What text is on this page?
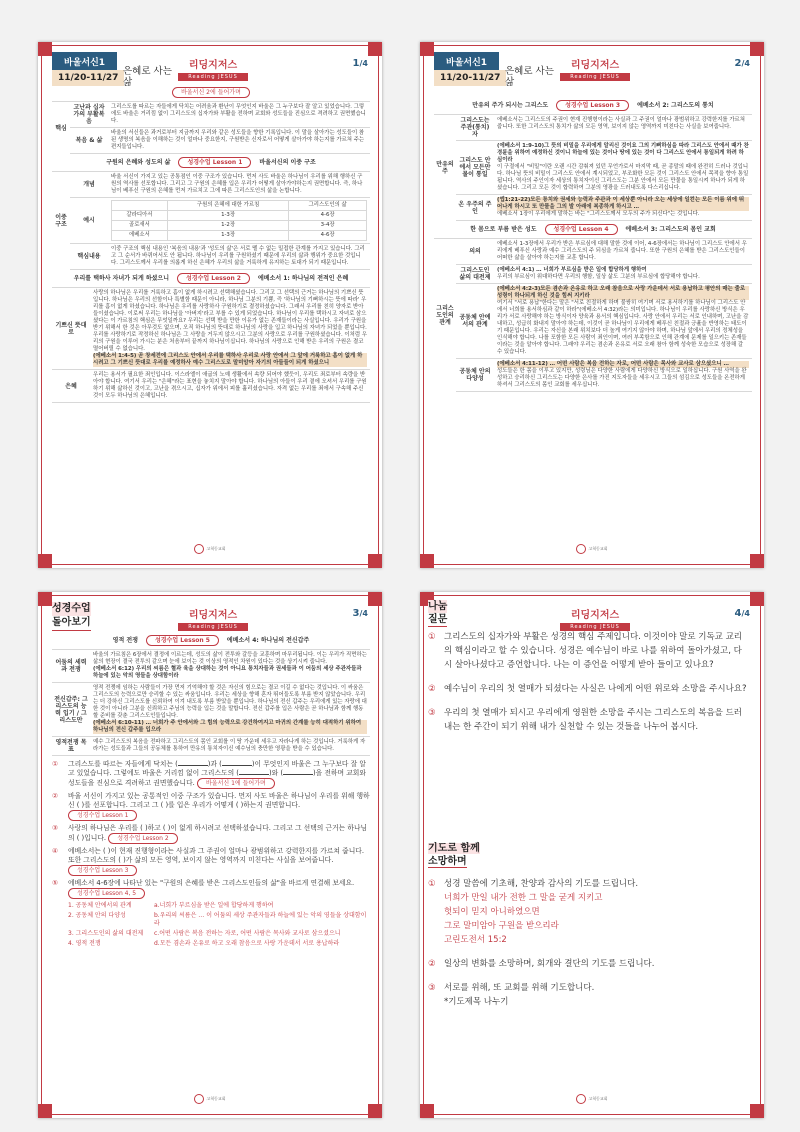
바울서신1
11/20-11/27
은혜로 사는
삶
리딩지저스
Reading JESUS
1/4
바울서신 2에 들어가며
핵심
고난과 십자가의 부활복음
그리스도를 따르는 자들에게 닥치는 어려움과 환난이 무엇인지 바울은 그 누구보다 잘 알고 있었습니다. 그렇에도 바울은 거리낌 없이 그리스도의 십자가와 부활을 전하며 교회와 성도들을 진심으로 격려하고 권면했습니다.
복음 & 삶
바울의 서신들은 과거로부터 지금까지 우리와 같은 성도들을 향한 기록입니다. 이 말을 살아가는 성도들이 참된 생명의 복음을 이해하는 것이 얼마나 중요한지, 구원받은 신자로서 어떻게 살아가야 하는지를 가르쳐 주는 편지들입니다.
구원의 은혜와 성도의 삶	성경수업 Lesson 1	바울서신의 이중 구조
이중구조
개념
바울 서신이 가지고 있는 공통점인 이중 구조가 있습니다. 먼저 사도 바울은 하나님이 우리를 위해 행하신 구원의 역사를 선포합니다. 그리고 그 구원의 은혜를 입은 우리가 어떻게 살아가야하는지 권면합니다. 즉, 하나님이 베푸신 구원의 은혜를 먼저 가르치고 그에 따른 그리스도인의 삶을 논합니다.
예시
	구원의 은혜에 대한 가르침	그리스도인의 삶
갈라디아서	1-3장	4-6장
골로새서	1-2장	3-4장
에베소서	1-3장	4-6장
핵심내용
이중 구조의 핵심 내용인 '복음의 내용'과 '성도의 삶'은 서로 뗄 수 없는 밀접한 관계를 가지고 있습니다. 그리고 그 순서가 바뀌어서도 안 됩니다. 하나님이 우리를 구원하셨기 때문에 우리의 삶과 행위가 중요한 것입니다. 그리스도께서 우리를 의롭게 하신 은혜가 우리의 삶을 거룩하게 유지하는 토대가 되기 때문입니다.
우리를 택하사 자녀가 되게 하셨으니	성경수업 Lesson 2	에베소서 1: 하나님의 전적인 은혜
기쁘신 뜻대로
사랑의 하나님은 우리를 거룩하고 흠이 없게 하시려고 선택해셨습니다. 그리고 그 선택의 근거는 하나님의 기쁘신 뜻입니다. 하나님은 우리의 선함이나 특별함 때문이 아니라, 하나님 그분의 기쁨, 즉 '하나님의 기뻐하시는 뜻에 따라' 우리를 흠이 없게 하셨습니다. 하나님은 우리를 사랑하사 구원하기로 결정하셨습니다. 그래서 우리를 친히 양자로 받아들이셨습니다. 이로써 우리는 하나님을 '아버지'라고 부를 수 있게 되었습니다. 하나님이 우리를 택하시고 자녀로 삼으셨다는 이 가르침의 핵심은 무엇일까요? 우리는 선택 받을 만한 이유가 없는 존재들이라는 사실입니다. 우리가 구원을 받기 위해서 한 것은 아무것도 없으며, 오직 하나님의 뜻대로 하나님의 사랑을 입고 하나님의 자녀가 되었을 뿐입니다. 우리를 사랑하기로 작정하신 하나님은 그 사랑을 거두지 않으시고 그분의 사랑으로 우리를 구원하셨습니다. 이처럼 우리의 구원을 이루어 가시는 분은 처음부터 끝까지 하나님이십니다. 하나님의 사랑으로 인해 받은 우리의 구원은 결코 멸어버릴 수 없습니다.
(에베소서 1:4-5) 곧 창세전에 그리스도 안에서 우리를 택하사 우리로 사랑 안에서 그 앞에 거룩하고 흠이 없게 하시려고 그 기쁘신 뜻대로 우리를 예정하사 예수 그리스도로 말미암아 자기의 아들들이 되게 하셨으니
은혜
우리는 용서가 필요한 죄인입니다. 이스라엘이 애굽의 노예 생활에서 속량 되어야 했듯이, 우리도 죄로부터 속량을 받아야 합니다. 여기서 우리는 "은혜"라는 표현을 놓치지 말아야 합니다. 하나님의 아들이 우리 곁에 오셔서 우리를 구원하기 위해 삶하신 것이고, 고난을 겪으시고, 십자가 위에서 피를 흘리셨습니다. 자격 없는 우리를 죄에서 구속해 주신 것이 모두 하나님의 은혜입니다.
고척동교회
바울서신1
11/20-11/27
은혜로 사는
삶
리딩지저스
Reading JESUS
2/4
만유의 주가 되시는 그리스도	성경수업 Lesson 3	에베소서 2: 그리스도의 통치
만유의 주
그리스도는 주관(통치)자
에베소서는 그리스도의 주권이 현재 진행형이라는 사실과 그 주권이 얼마나 광범위하고 강력한지를 가르쳐 줍니다. 또한 그리스도의 통치가 삶의 모든 영역, 보이지 않는 영역까지 미친다는 사실을 보여줍니다.
그리스도 안에서 모든만물이 통일
(에베소서 1:9-10)그 뜻의 비밀을 우리에게 알리신 것이요 그의 기뻐하심을 따라 그리스도 안에서 때가 찬 경륜을 위하여 예정하신 것이니 하늘에 있는 것이나 땅에 있는 것이 다 그리스도 안에서 통일되게 하려 하심이라
이 구절에서 "비밀"이란 오랜 시간 감춰져 있던 무언가로서 마지막 때, 곧 종말의 때에 완전히 드러나 것입니다. 하나님 뜻의 비밀이 그리스도 안에서 계시되었고, 부조화한 모든 것이 그리스도 안에서 목적을 향아 통일 됩니다. 역사의 주인이자 세상의 통치자이신 그리스도는 그분 안에서 모든 만물을 통일시켜 하나가 되게 하셨습니다. 그리고 모든 것이 합력하여 그분의 영광을 드러내도록 다스리십니다.
온 우주의 주인
(엡1:21-22)모든 통치와 권세와 능력과 주관과 이 세상뿐 아니라 오는 세상에 일컫는 모든 이름 위에 뛰어나게 하시고 또 만물을 그의 발 아래에 복종하게 하시고 …
에베소서 1장이 우리에게 말하는 바는 "그리스도께서 모두의 주가 되신다"는 것입니다.
한 몸으로 부름 받은 성도	성경수업 Lesson 4	에베소서 3: 그리스도의 몸인 교회
그리스도인의 관계
의의
에베소서 1-3장에서 우리가 받은 부르심에 대해 말한 것에 이어, 4-6장에서는 하나님이 그리스도 안에서 우리에게 베푸신 사랑과 예수 그리스도의 주 되심을 가르쳐 줍니다. 또한 구원의 은혜를 받은 그리스도인들이 어떠한 삶을 살아야 하는지를 교훈 합니다.
그리스도인 삶의 대전제
(에베소서 4:1) … 너희가 부르심을 받은 일에 합당하게 행하여
우리의 부르심이 위대하다면 우리의 행함, 일상 삶도 그분의 부르심에 합당해야 합니다.
공동체 안에서의 관계
(에베소서 4:2-3)모든 겸손과 온유로 하고 오래 참음으로 사랑 가운데서 서로 용납하고 평안의 매는 줄로 성령이 하나되게 하신 것을 힘써 지키라
여기서 "서로 용납"한다는 말은 "서로 친절하게 하며 불쌍히 여기며 서로 용서하기를 하나님이 그리스도 안에서 너희를 용서하심과 같이 하라"(에베소서 4:32)라는 의미입니다. 하나님이 우리를 사랑하신 방식은 우리가 서로 사랑해야 하는 방식이자 양육과 용서의 핵심입니다. 사랑 안에서 우리는 서로 인내하며, 고난을 감내하고, 성급히 화내지 말아야 하는데, 이것이 곧 하나님이 우리에게 베푸신 친절과 긍휼을 반영하는 태도이기 때문입니다. 우리는 자신을 본래 위치보다 더 높게 여기지 않아야 하며, 하나님 앞에서 우리의 정체성을 인식해야 합니다. 나를 포함한 모든 사람이 죄인이며, 여러 부족함으로 인해 관계에 문제를 일으키는 존재들이라는 것을 알아야 합니다. 그래야 우리는 겸손과 온유로 서로 오래 참아 함께 성숙한 모습으로 성장해 갈 수 있습니다.
공동체 안의 다양성
(에베소서 4:11-12) … 어떤 사람은 복음 전하는 자로, 어떤 사람은 목사와 교사로 삼으셨으니 …
성도들은 한 몸을 이루고 있지만, 성령님은 다양한 사람에게 다양하신 방식으로 일하십니다. 구원 사역을 완성하고 승리하신 그리스도는 다양한 은사를 가진 지도자들을 세우시고 그들의 섬김으로 성도들을 온전하게 하셔서 그리스도의 몸인 교회를 세우십니다.
고척동교회
성경수업
돌아보기
리딩지저스
Reading JESUS
3/4
영적 전쟁	성경수업 Lesson 5	에베소서 4: 하나님의 전신갑주
어둠의 세력과 전쟁
바울의 가르침은 6장에서 결정에 이르는데, 성도의 삶이 전투와 갈등을 교훈하며 마무리됩니다. 이는 우리가 직면하는 삶의 현장이 결국 전투의 같으며 눈에 보이는 것 이상의 영적인 차원이 있다는 것을 상기시켜 줍니다.
(에베소서 6:12) 우리의 씨름은 혈과 육을 상대하는 것이 아니요 통치자들과 권세들과 이 어둠의 세상 주관자들과 하늘에 있는 악의 영들을 상대함이라
전신갑주: 그리스도의 능력 입기 / 그리스도만
영적 전쟁에 임하는 사람들이 가장 먼저 기억해야 할 것은 자신의 힘으로는 결코 이길 수 없다는 것입니다. 이 싸움은 그리스도의 능력으로만 승리할 수 있는 싸움입니다. 우리는 세상을 향해 혼자 뛰어들도록 부름 받지 않았습니다. 우리는 더 강하신 그리스도를 신뢰하여 이겨 내도록 부름 받았을 뿐입니다. 하나님의 전신 갑주는 우리에게 있는 자랑에 대한 것이 아니라 그분을 신뢰하고 주님의 능력을 입는 것을 말합니다. 전신 갑주를 입은 사람은 곧 하나님과 함께 행동할 준비를 갖춘 그리스도인들입니다.
(에베소서 6:10-11) … 너희가 주 안에서와 그 힘의 능력으로 강건하여지고 마귀의 간계를 능히 대적하기 위하여 하나님의 전신 갑주를 입으라
영적전쟁 목표
예수 그리스도의 복음을 전파하고 그리스도의 몸인 교회를 이 땅 가운데 세우고 자라나게 하는 것입니다. 거룩하게 자라가는 성도들과 그들의 공동체를 통하여 만유의 통치자이신 예수님의 충만한 영광을 받을 수 있습니다.
①	그리스도를 따르는 자들에게 닥치는 (	)과 (	)이 무엇인지 바울은 그 누구보다 잘 알고 있었습니다. 그렇에도 바울은 거리낌 없이 그리스도의 (	)와 (	)을 전하며 교회와 성도들을 진심으로 격려하고 권면했습니다. 바울서신 1에 들어가며
②	바울 서신이 가지고 있는 공통적인 이중 구조가 있습니다. 먼저 사도 바울은 하나님이 우리를 위해 행하신 ( )를 선포합니다. 그리고 그 ( )를 입은 우리가 어떻게 ( )하는지 권면합니다. 성경수업 Lesson 1
③	사랑의 하나님은 우리를 ( )하고 ( )이 없게 하시려고 선택하셨습니다. 그리고 그 선택의 근거는 하나님의 ( )입니다. 성경수업 Lesson 2
④	에베소서는 ( )이 현재 진행형이라는 사실과 그 주권이 얼마나 광범위하고 강력한지를 가르쳐 줍니다. 또한 그리스도의 ( )가 삶의 모든 영역, 보이지 않는 영역까지 미친다는 사실을 보여줍니다. 성경수업 Lesson 3
⑤	에베소서 4-6장에 나타난 있는 "구원의 은혜를 받은 그리스도인들의 삶"을 바르게 연결해 보세요. 성경수업 Lesson 4, 5
1. 공동체 안에서의 관계	a.너희가 부르심을 받은 일에 합당하게 행하여
2. 공동체 안의 다양성	b.우리의 씨름은 … 이 어둠의 세상 주관자들과 하늘에 있는 악의 영들을 상대함이라
3. 그리스도인의 삶의 대전제	c.어떤 사람은 복음 전하는 자로, 어떤 사람은 목사와 교사로 삼으셨으니
4. 영적 전쟁	d.모든 겸손과 온유로 하고 오래 참음으로 사랑 가운데서 서로 용납하라
고척동교회
나눔
질문	리딩지저스
Reading JESUS
4/4
① 그리스도의 십자가와 부활은 성경의 핵심 주제입니다. 이것이야 말로 기독교 교리의 핵심이라고 할 수 있습니다. 성경은 예수님이 바로 나를 위하여 돌아가셨고, 다시 살아나셨다고 증언합니다. 나는 이 증언을 어떻게 받아 들이고 있나요?
② 예수님이 우리의 첫 열매가 되셨다는 사실은 나에게 어떤 위로와 소망을 주시나요?
③ 우리의 첫 열매가 되시고 우리에게 영원한 소망을 주시는 그리스도의 복음을 드러내는 한 주간이 되기 위해 내가 실천할 수 있는 것들을 나누어 봅시다.
기도로 함께
소망하며
① 성경 말씀에 기초해, 찬양과 감사의 기도를 드립니다.
너희가 만일 내가 전한 그 말을 굳게 지키고
헛되이 믿지 아니하였으면
그로 말미암아 구원을 받으리라
고린도전서 15:2
② 일상의 변화를 소망하며, 회개와 결단의 기도를 드립니다.
③ 서로를 위해, 또 교회를 위해 기도합니다.
*기도제목 나누기
고척동교회
